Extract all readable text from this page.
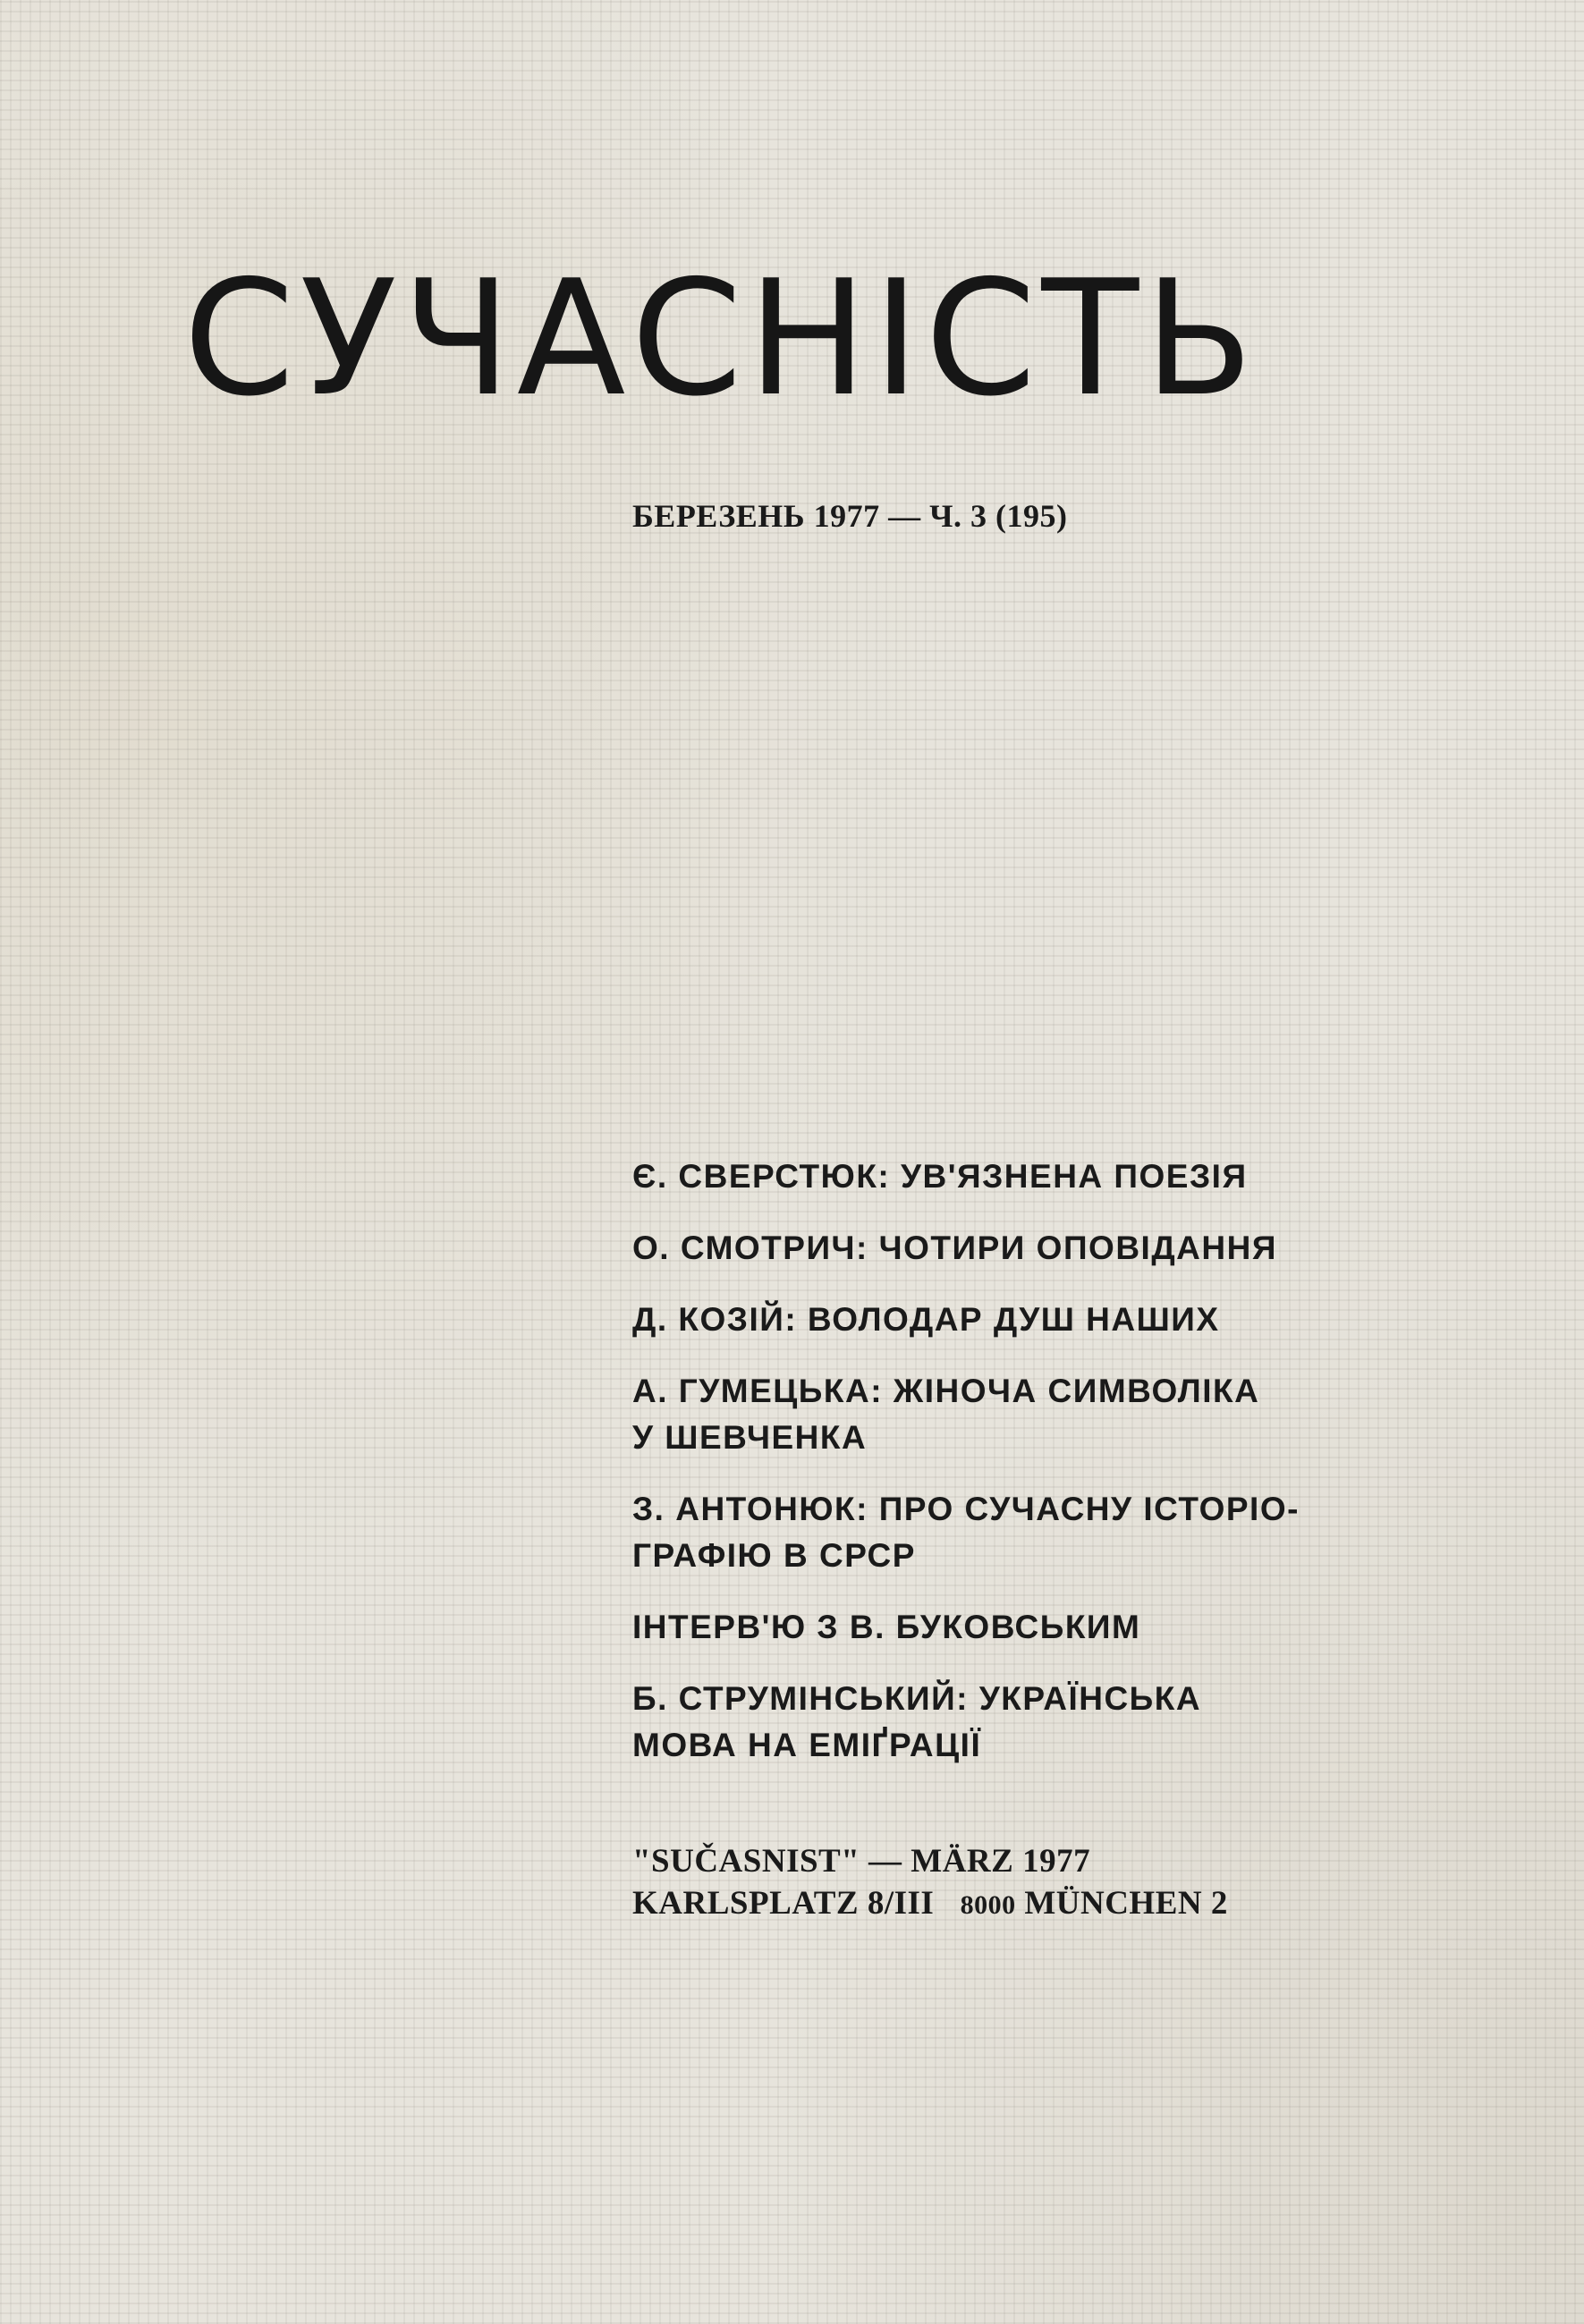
СУЧАСНІСТЬ
БЕРЕЗЕНЬ 1977 — Ч. 3 (195)
Є. СВЕРСТЮК: УВ'ЯЗНЕНА ПОЕЗІЯ
О. СМОТРИЧ: ЧОТИРИ ОПОВІДАННЯ
Д. КОЗІЙ: ВОЛОДАР ДУШ НАШИХ
А. ГУМЕЦЬКА: ЖІНОЧА СИМВОЛІКА
У ШЕВЧЕНКА
З. АНТОНЮК: ПРО СУЧАСНУ ІСТОРІО-
ГРАФІЮ В СРСР
ІНТЕРВ'Ю З В. БУКОВСЬКИМ
Б. СТРУМІНСЬКИЙ: УКРАЇНСЬКА
МОВА НА ЕМІҐРАЦІЇ
"SUČASNIST" — MÄRZ 1977
KARLSPLATZ 8/III 8000 MÜNCHEN 2
